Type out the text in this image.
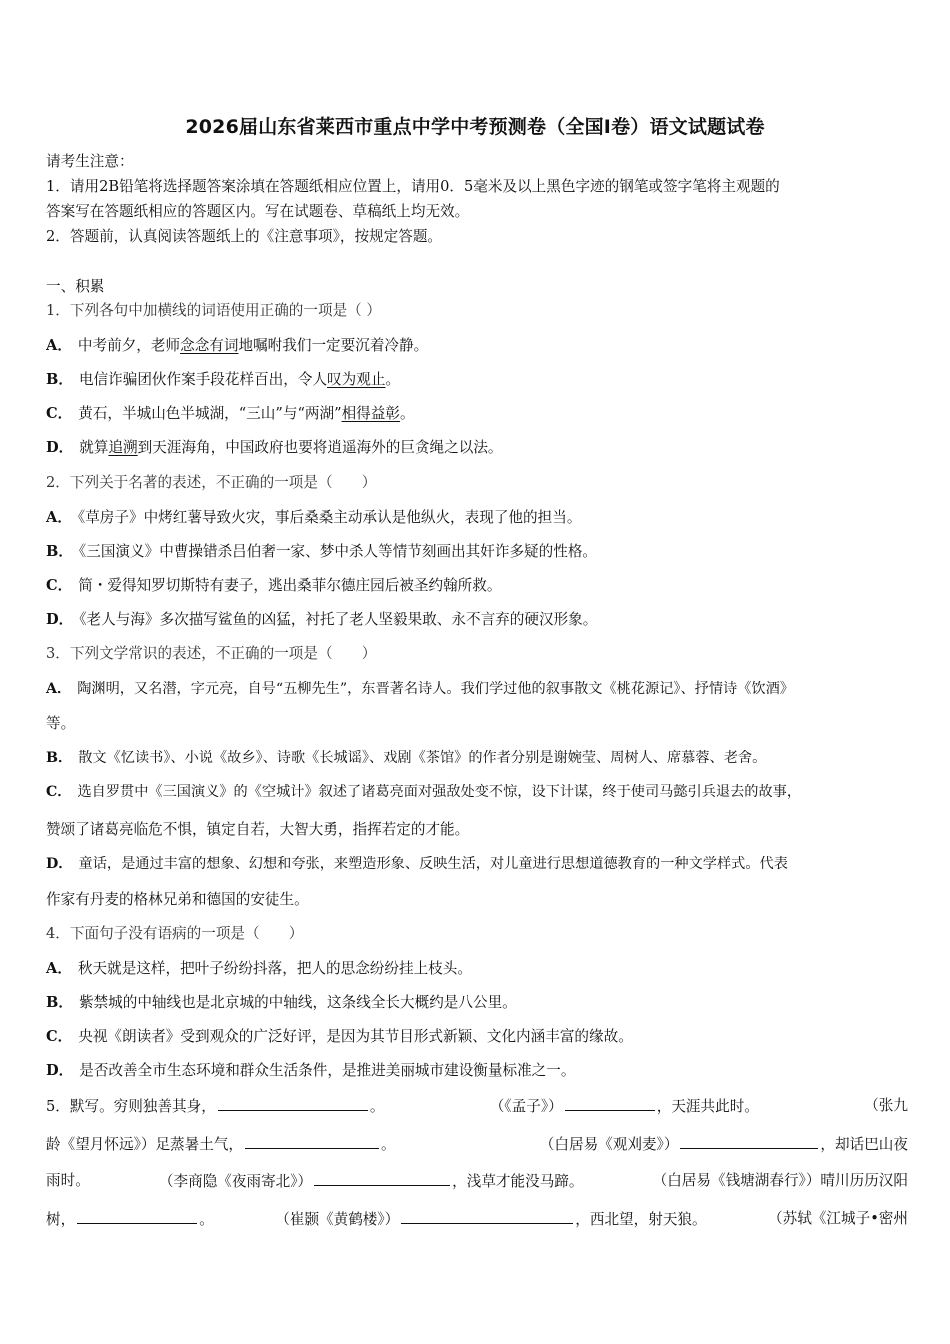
2026届山东省莱西市重点中学中考预测卷（全国I卷）语文试题试卷
请考生注意：
1．请用2B铅笔将选择题答案涂填在答题纸相应位置上，请用0．5毫米及以上黑色字迹的钢笔或签字笔将主观题的
答案写在答题纸相应的答题区内。写在试题卷、草稿纸上均无效。
2．答题前，认真阅读答题纸上的《注意事项》，按规定答题。
一、积累
1．下列各句中加横线的词语使用正确的一项是（ ）
A． 中考前夕，老师念念有词地嘱咐我们一定要沉着冷静。
B． 电信诈骗团伙作案手段花样百出，令人叹为观止。
C． 黄石，半城山色半城湖，“三山”与“两湖”相得益彰。
D． 就算追溯到天涯海角，中国政府也要将逍遥海外的巨贪绳之以法。
2．下列关于名著的表述，不正确的一项是（　　）
A． 《草房子》中烤红薯导致火灾，事后桑桑主动承认是他纵火，表现了他的担当。
B． 《三国演义》中曹操错杀吕伯奢一家、梦中杀人等情节刻画出其奸诈多疑的性格。
C． 简・爱得知罗切斯特有妻子，逃出桑菲尔德庄园后被圣约翰所救。
D． 《老人与海》多次描写鲨鱼的凶猛，衬托了老人坚毅果敢、永不言弃的硬汉形象。
3．下列文学常识的表述，不正确的一项是（　　）
A． 陶渊明，又名潜，字元亮，自号“五柳先生”，东晋著名诗人。我们学过他的叙事散文《桃花源记》、抒情诗《饮酒》
等。
B． 散文《忆读书》、小说《故乡》、诗歌《长城谣》、戏剧《茶馆》的作者分别是谢婉莹、周树人、席慕蓉、老舍。
C． 选自罗贯中《三国演义》的《空城计》叙述了诸葛亮面对强敌处变不惊，设下计谋，终于使司马懿引兵退去的故事，
赞颂了诸葛亮临危不惧，镇定自若，大智大勇，指挥若定的才能。
D． 童话，是通过丰富的想象、幻想和夸张，来塑造形象、反映生活，对儿童进行思想道德教育的一种文学样式。代表
作家有丹麦的格林兄弟和德国的安徒生。
4．下面句子没有语病的一项是（　　）
A． 秋天就是这样，把叶子纷纷抖落，把人的思念纷纷挂上枝头。
B． 紫禁城的中轴线也是北京城的中轴线，这条线全长大概约是八公里。
C． 央视《朗读者》受到观众的广泛好评，是因为其节目形式新颖、文化内涵丰富的缘故。
D． 是否改善全市生态环境和群众生活条件，是推进美丽城市建设衡量标准之一。
5．默写。穷则独善其身，	。	（《孟子》）	，天涯共此时。	（张九
龄《望月怀远》）足蒸暑土气，	。	（白居易《观刈麦》）	，却话巴山夜
雨时。	（李商隐《夜雨寄北》）	，浅草才能没马蹄。	（白居易《钱塘湖春行》）晴川历历汉阳
树，	。	（崔颢《黄鹤楼》）	，西北望，射天狼。	（苏轼《江城子•密州
